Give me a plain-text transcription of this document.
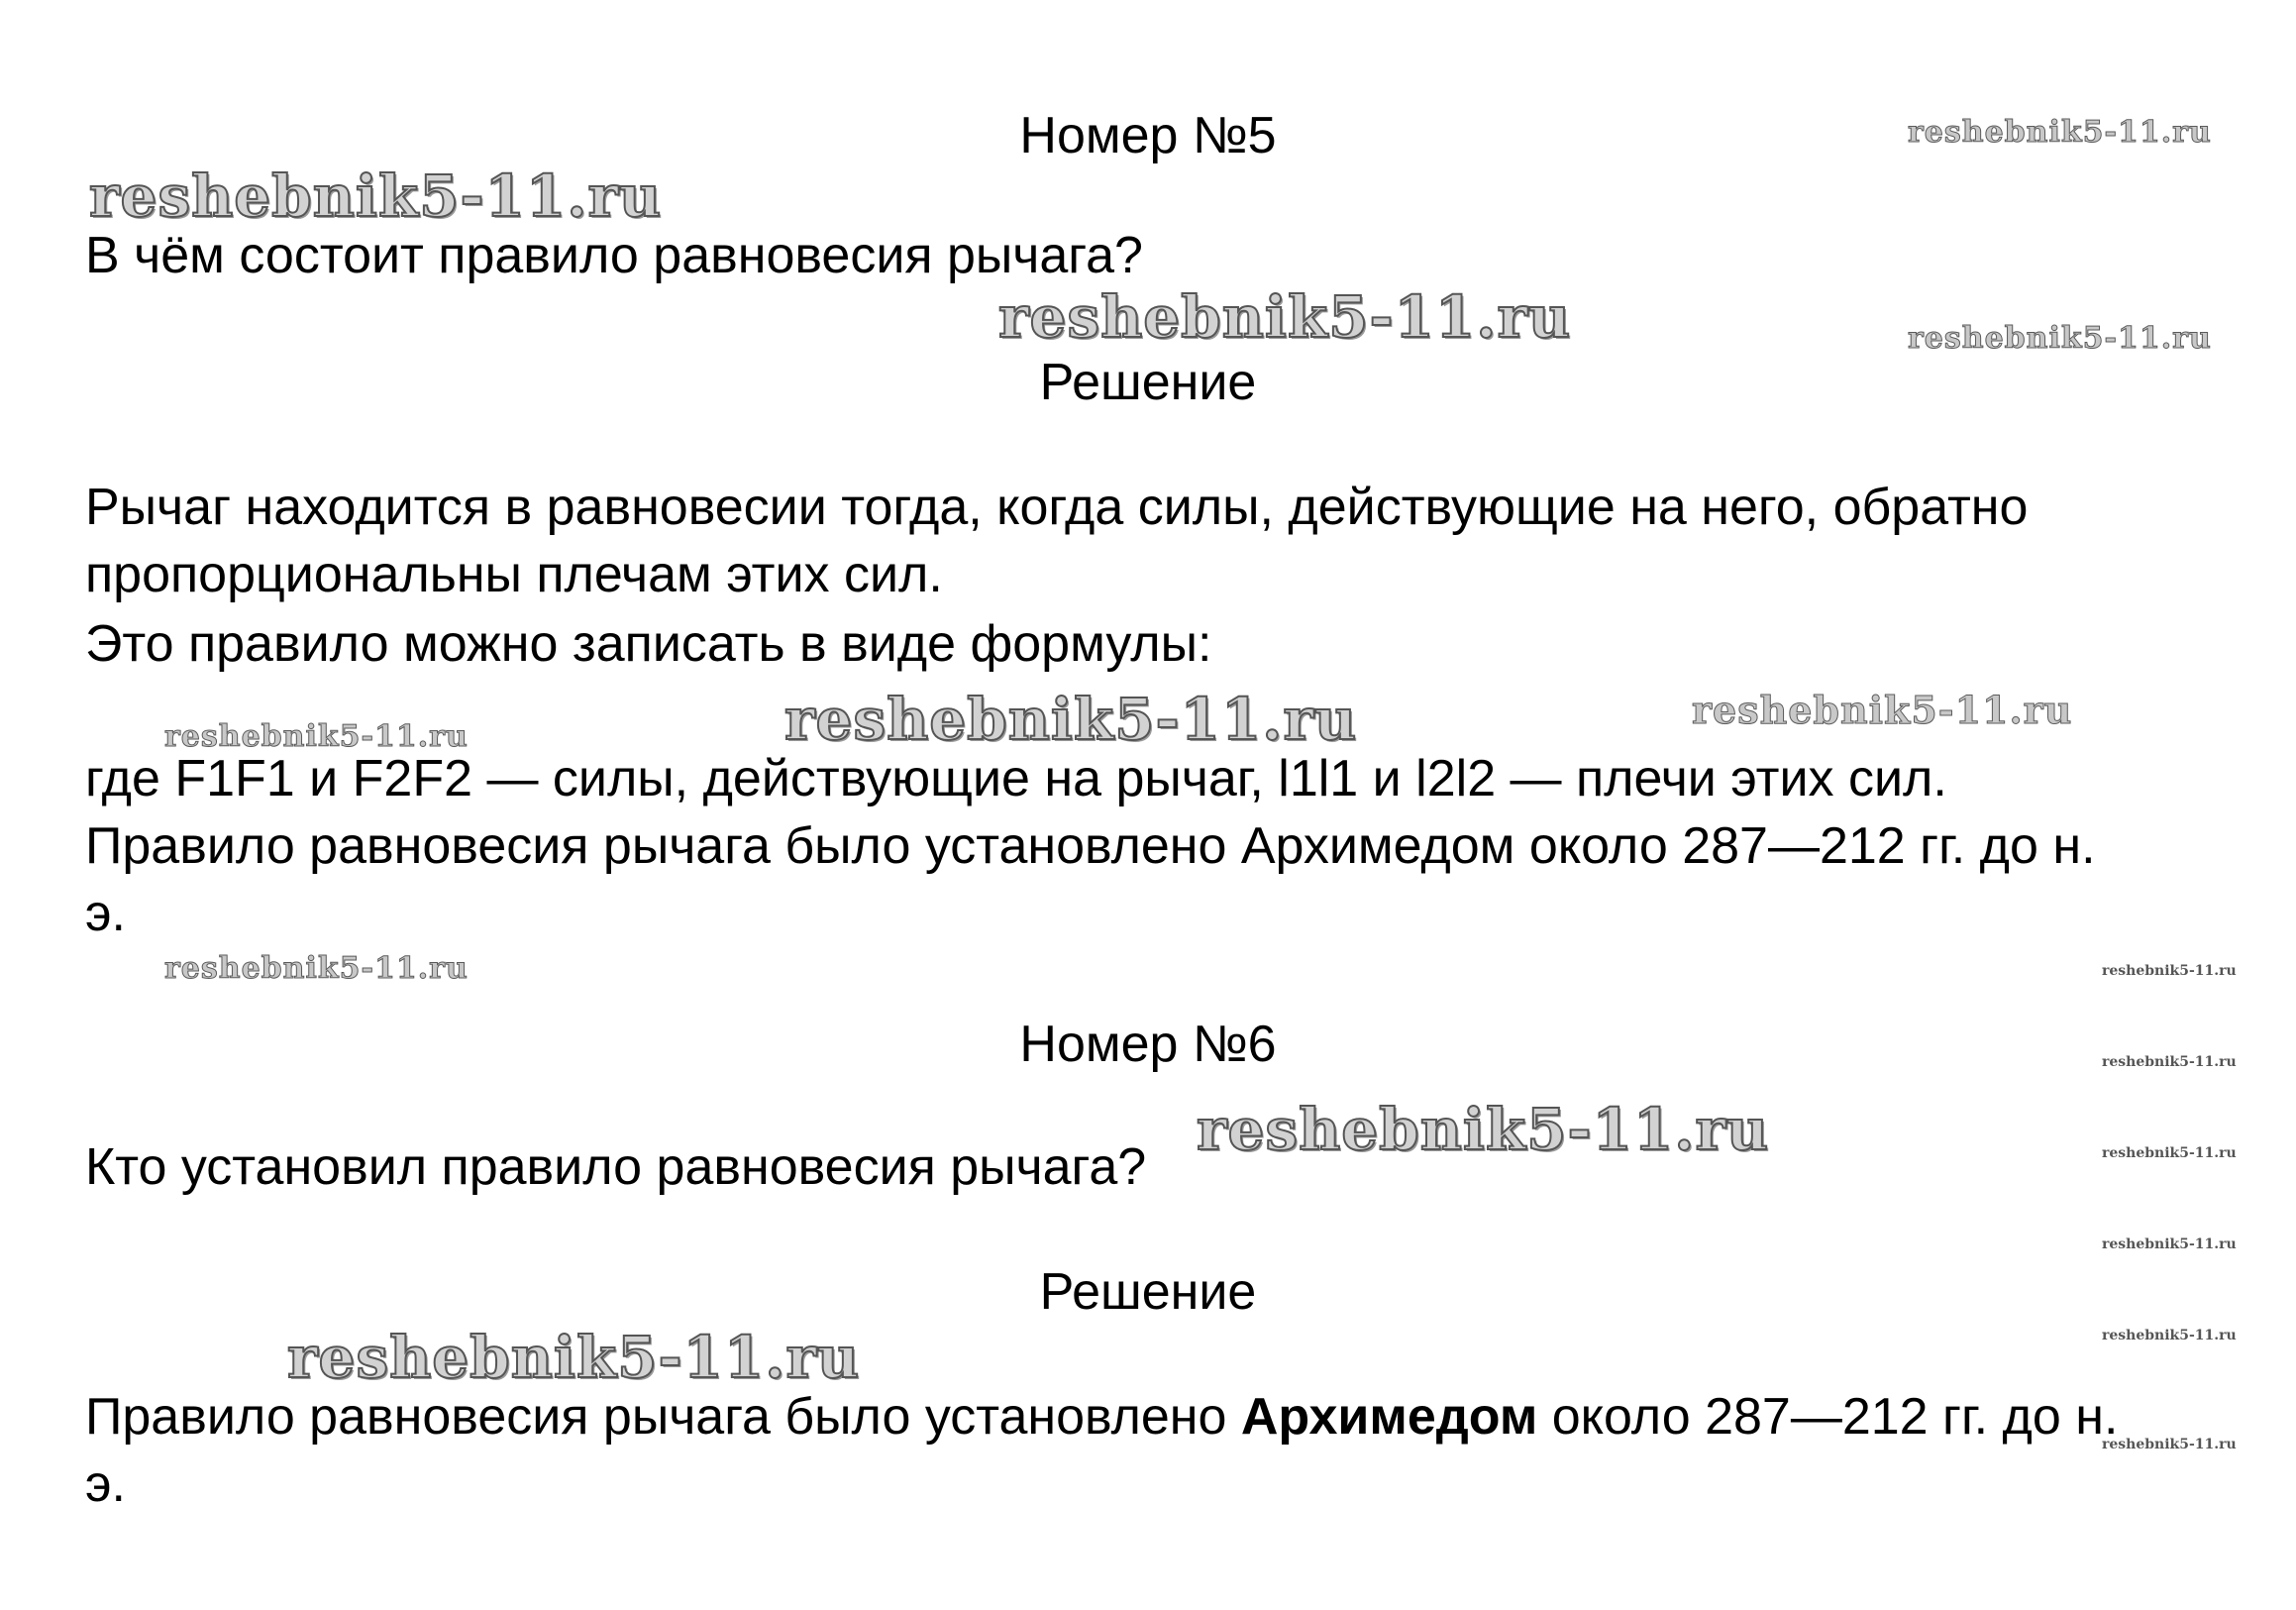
Номер №5

В чём состоит правило равновесия рычага?

Решение

Рычаг находится в равновесии тогда, когда силы, действующие на него, обратно

пропорциональны плечам этих сил.

Это правило можно записать в виде формулы:

где F1F1 и F2F2 — силы, действующие на рычаг, l1l1 и l2l2 — плечи этих сил.

Правило равновесия рычага было установлено Архимедом около 287—212 гг. до н.

э.

Номер №6

Кто установил правило равновесия рычага?

Решение

Правило равновесия рычага было установлено Архимедом около 287—212 гг. до н.

э.

reshebnik5-11.ru
reshebnik5-11.ru
reshebnik5-11.ru
reshebnik5-11.ru
reshebnik5-11.ru
reshebnik5-11.ru
reshebnik5-11.ru
reshebnik5-11.ru
reshebnik5-11.ru
reshebnik5-11.ru	reshebnik5-11.ru
reshebnik5-11.ru
reshebnik5-11.ru
reshebnik5-11.ru
reshebnik5-11.ru
reshebnik5-11.ru
